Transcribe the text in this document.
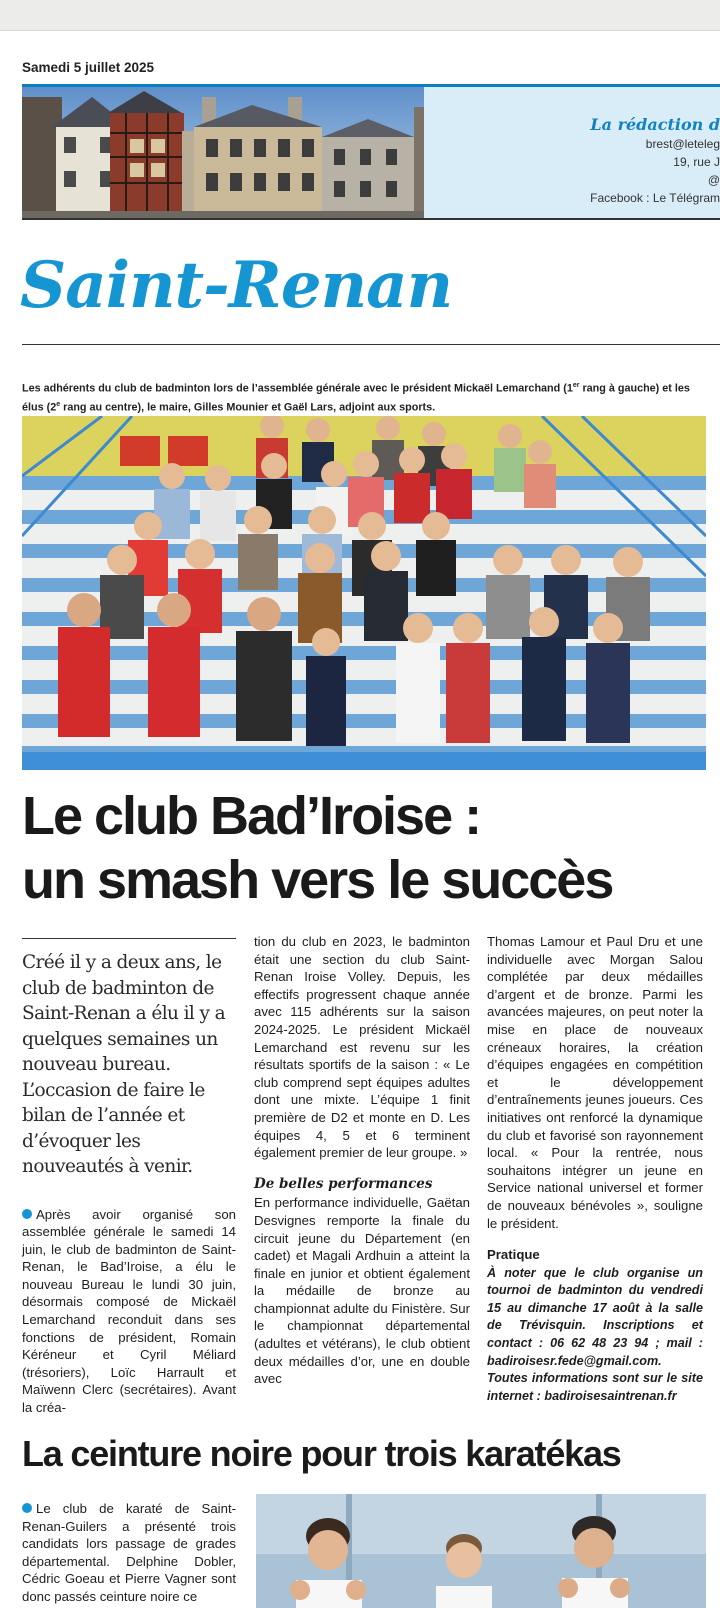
Samedi 5 juillet 2025
La rédaction d
brest@leteleg
19, rue J
@
Facebook : Le Télégram
Saint-Renan
Les adhérents du club de badminton lors de l’assemblée générale avec le président Mickaël Lemarchand (1er rang à gauche) et les élus (2e rang au centre), le maire, Gilles Mounier et Gaël Lars, adjoint aux sports.
Le club Bad’Iroise :
un smash vers le succès

Créé il y a deux ans, le club de badminton de Saint-Renan a élu il y a quelques semaines un nouveau bureau. L’occasion de faire le bilan de l’année et d’évoquer les nouveautés à venir.

Après avoir organisé son assemblée générale le samedi 14 juin, le club de badminton de Saint-Renan, le Bad’Iroise, a élu le nouveau Bureau le lundi 30 juin, désormais composé de Mickaël Lemarchand reconduit dans ses fonctions de président, Romain Kéréneur et Cyril Méliard (trésoriers), Loïc Harrault et Maïwenn Clerc (secrétaires). Avant la créa-

tion du club en 2023, le badminton était une section du club Saint-Renan Iroise Volley. Depuis, les effectifs progressent chaque année avec 115 adhérents sur la saison 2024-2025. Le président Mickaël Lemarchand est revenu sur les résultats sportifs de la saison : « Le club comprend sept équipes adultes dont une mixte. L’équipe 1 finit première de D2 et monte en D. Les équipes 4, 5 et 6 terminent également premier de leur groupe. »

De belles performances

En performance individuelle, Gaëtan Desvignes remporte la finale du circuit jeune du Département (en cadet) et Magali Ardhuin a atteint la finale en junior et obtient également la médaille de bronze au championnat adulte du Finistère. Sur le championnat départemental (adultes et vétérans), le club obtient deux médailles d’or, une en double avec

Thomas Lamour et Paul Dru et une individuelle avec Morgan Salou complétée par deux médailles d’argent et de bronze. Parmi les avancées majeures, on peut noter la mise en place de nouveaux créneaux horaires, la création d’équipes engagées en compétition et le développement d’entraînements jeunes joueurs. Ces initiatives ont renforcé la dynamique du club et favorisé son rayonnement local. « Pour la rentrée, nous souhaitons intégrer un jeune en Service national universel et former de nouveaux bénévoles », souligne le président.

Pratique

À noter que le club organise un tournoi de badminton du vendredi 15 au dimanche 17 août à la salle de Trévisquin. Inscriptions et contact : 06 62 48 23 94 ; mail : badiroisesr.fede@gmail.com. Toutes informations sont sur le site internet : badiroisesaintrenan.fr

La ceinture noire pour trois karatékas
Le club de karaté de Saint-Renan-Guilers a présenté trois candidats lors passage de grades départemental. Delphine Dobler, Cédric Goeau et Pierre Vagner sont donc passés ceinture noire ce
